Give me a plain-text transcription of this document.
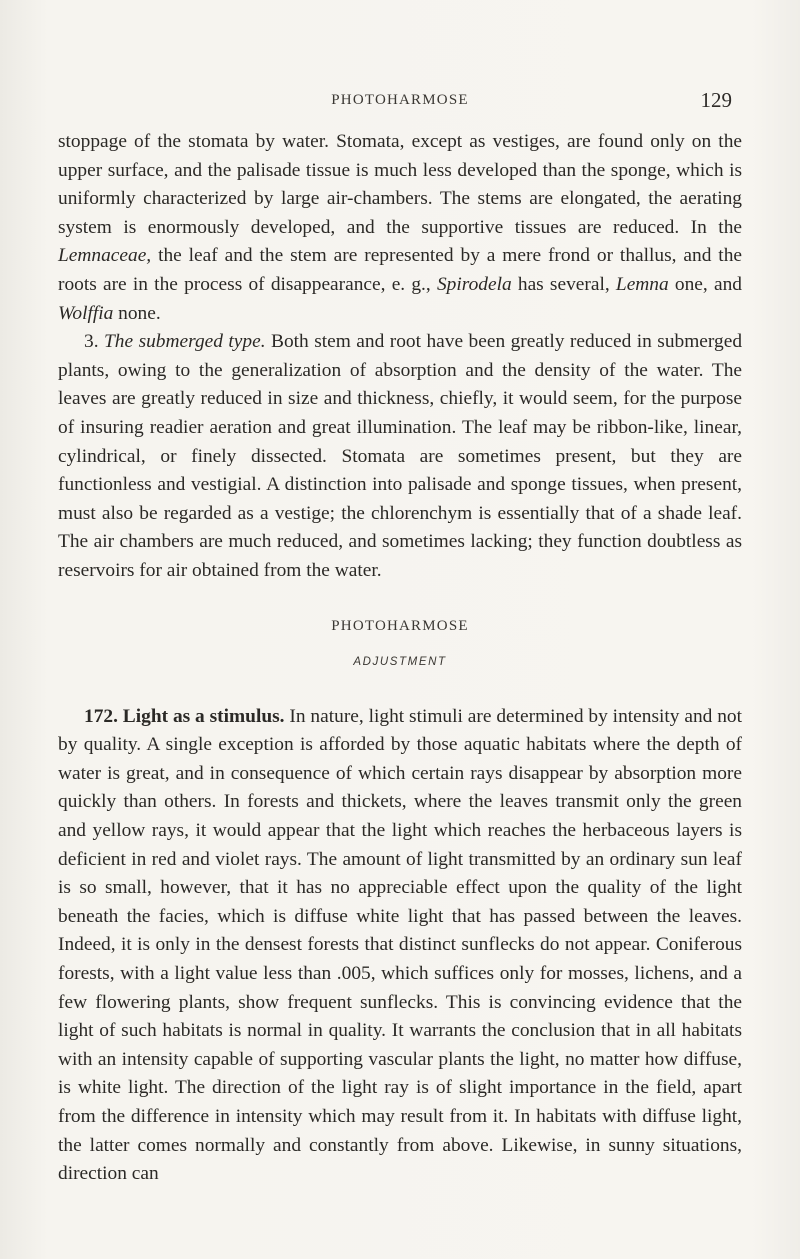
PHOTOHARMOSE	129

stoppage of the stomata by water. Stomata, except as vestiges, are found only on the upper surface, and the palisade tissue is much less developed than the sponge, which is uniformly characterized by large air-chambers. The stems are elongated, the aerating system is enormously developed, and the supportive tissues are reduced. In the Lemnaceae, the leaf and the stem are represented by a mere frond or thallus, and the roots are in the process of disappearance, e. g., Spirodela has several, Lemna one, and Wolffia none.

3. The submerged type. Both stem and root have been greatly reduced in submerged plants, owing to the generalization of absorption and the density of the water. The leaves are greatly reduced in size and thickness, chiefly, it would seem, for the purpose of insuring readier aeration and great illumination. The leaf may be ribbon-like, linear, cylindrical, or finely dissected. Stomata are sometimes present, but they are functionless and vestigial. A distinction into palisade and sponge tissues, when present, must also be regarded as a vestige; the chlorenchym is essentially that of a shade leaf. The air chambers are much reduced, and sometimes lacking; they function doubtless as reservoirs for air obtained from the water.

PHOTOHARMOSE
ADJUSTMENT

172. Light as a stimulus. In nature, light stimuli are determined by intensity and not by quality. A single exception is afforded by those aquatic habitats where the depth of water is great, and in consequence of which certain rays disappear by absorption more quickly than others. In forests and thickets, where the leaves transmit only the green and yellow rays, it would appear that the light which reaches the herbaceous layers is deficient in red and violet rays. The amount of light transmitted by an ordinary sun leaf is so small, however, that it has no appreciable effect upon the quality of the light beneath the facies, which is diffuse white light that has passed between the leaves. Indeed, it is only in the densest forests that distinct sunflecks do not appear. Coniferous forests, with a light value less than .005, which suffices only for mosses, lichens, and a few flowering plants, show frequent sunflecks. This is convincing evidence that the light of such habitats is normal in quality. It warrants the conclusion that in all habitats with an intensity capable of supporting vascular plants the light, no matter how diffuse, is white light. The direction of the light ray is of slight importance in the field, apart from the difference in intensity which may result from it. In habitats with diffuse light, the latter comes normally and constantly from above. Likewise, in sunny situations, direction can
